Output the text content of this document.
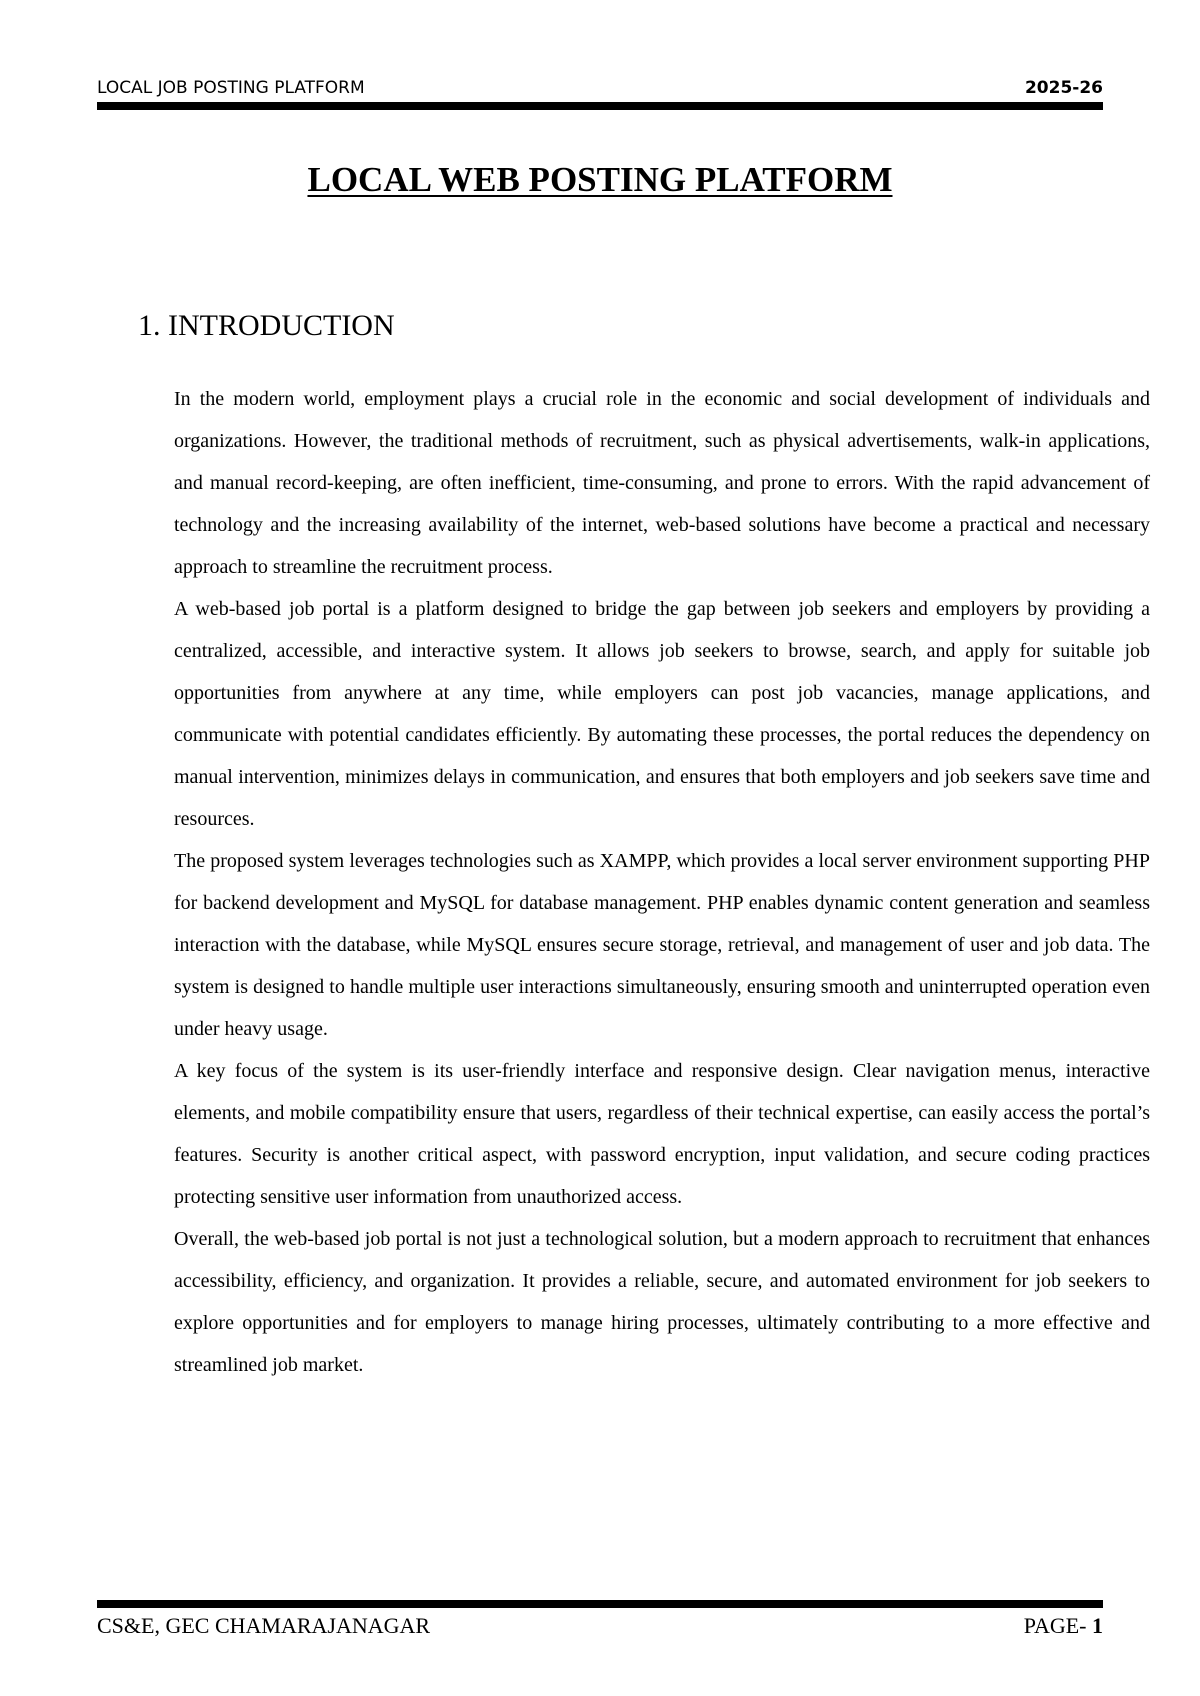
LOCAL JOB POSTING PLATFORM	2025-26
LOCAL WEB POSTING PLATFORM
1. INTRODUCTION

In the modern world, employment plays a crucial role in the economic and social development of individuals and organizations. However, the traditional methods of recruitment, such as physical advertisements, walk-in applications, and manual record-keeping, are often inefficient, time-consuming, and prone to errors. With the rapid advancement of technology and the increasing availability of the internet, web-based solutions have become a practical and necessary approach to streamline the recruitment process.

A web-based job portal is a platform designed to bridge the gap between job seekers and employers by providing a centralized, accessible, and interactive system. It allows job seekers to browse, search, and apply for suitable job opportunities from anywhere at any time, while employers can post job vacancies, manage applications, and communicate with potential candidates efficiently. By automating these processes, the portal reduces the dependency on manual intervention, minimizes delays in communication, and ensures that both employers and job seekers save time and resources.

The proposed system leverages technologies such as XAMPP, which provides a local server environment supporting PHP for backend development and MySQL for database management. PHP enables dynamic content generation and seamless interaction with the database, while MySQL ensures secure storage, retrieval, and management of user and job data. The system is designed to handle multiple user interactions simultaneously, ensuring smooth and uninterrupted operation even under heavy usage.

A key focus of the system is its user-friendly interface and responsive design. Clear navigation menus, interactive elements, and mobile compatibility ensure that users, regardless of their technical expertise, can easily access the portal’s features. Security is another critical aspect, with password encryption, input validation, and secure coding practices protecting sensitive user information from unauthorized access.

Overall, the web-based job portal is not just a technological solution, but a modern approach to recruitment that enhances accessibility, efficiency, and organization. It provides a reliable, secure, and automated environment for job seekers to explore opportunities and for employers to manage hiring processes, ultimately contributing to a more effective and streamlined job market.

CS&E, GEC CHAMARAJANAGAR	PAGE- 1
